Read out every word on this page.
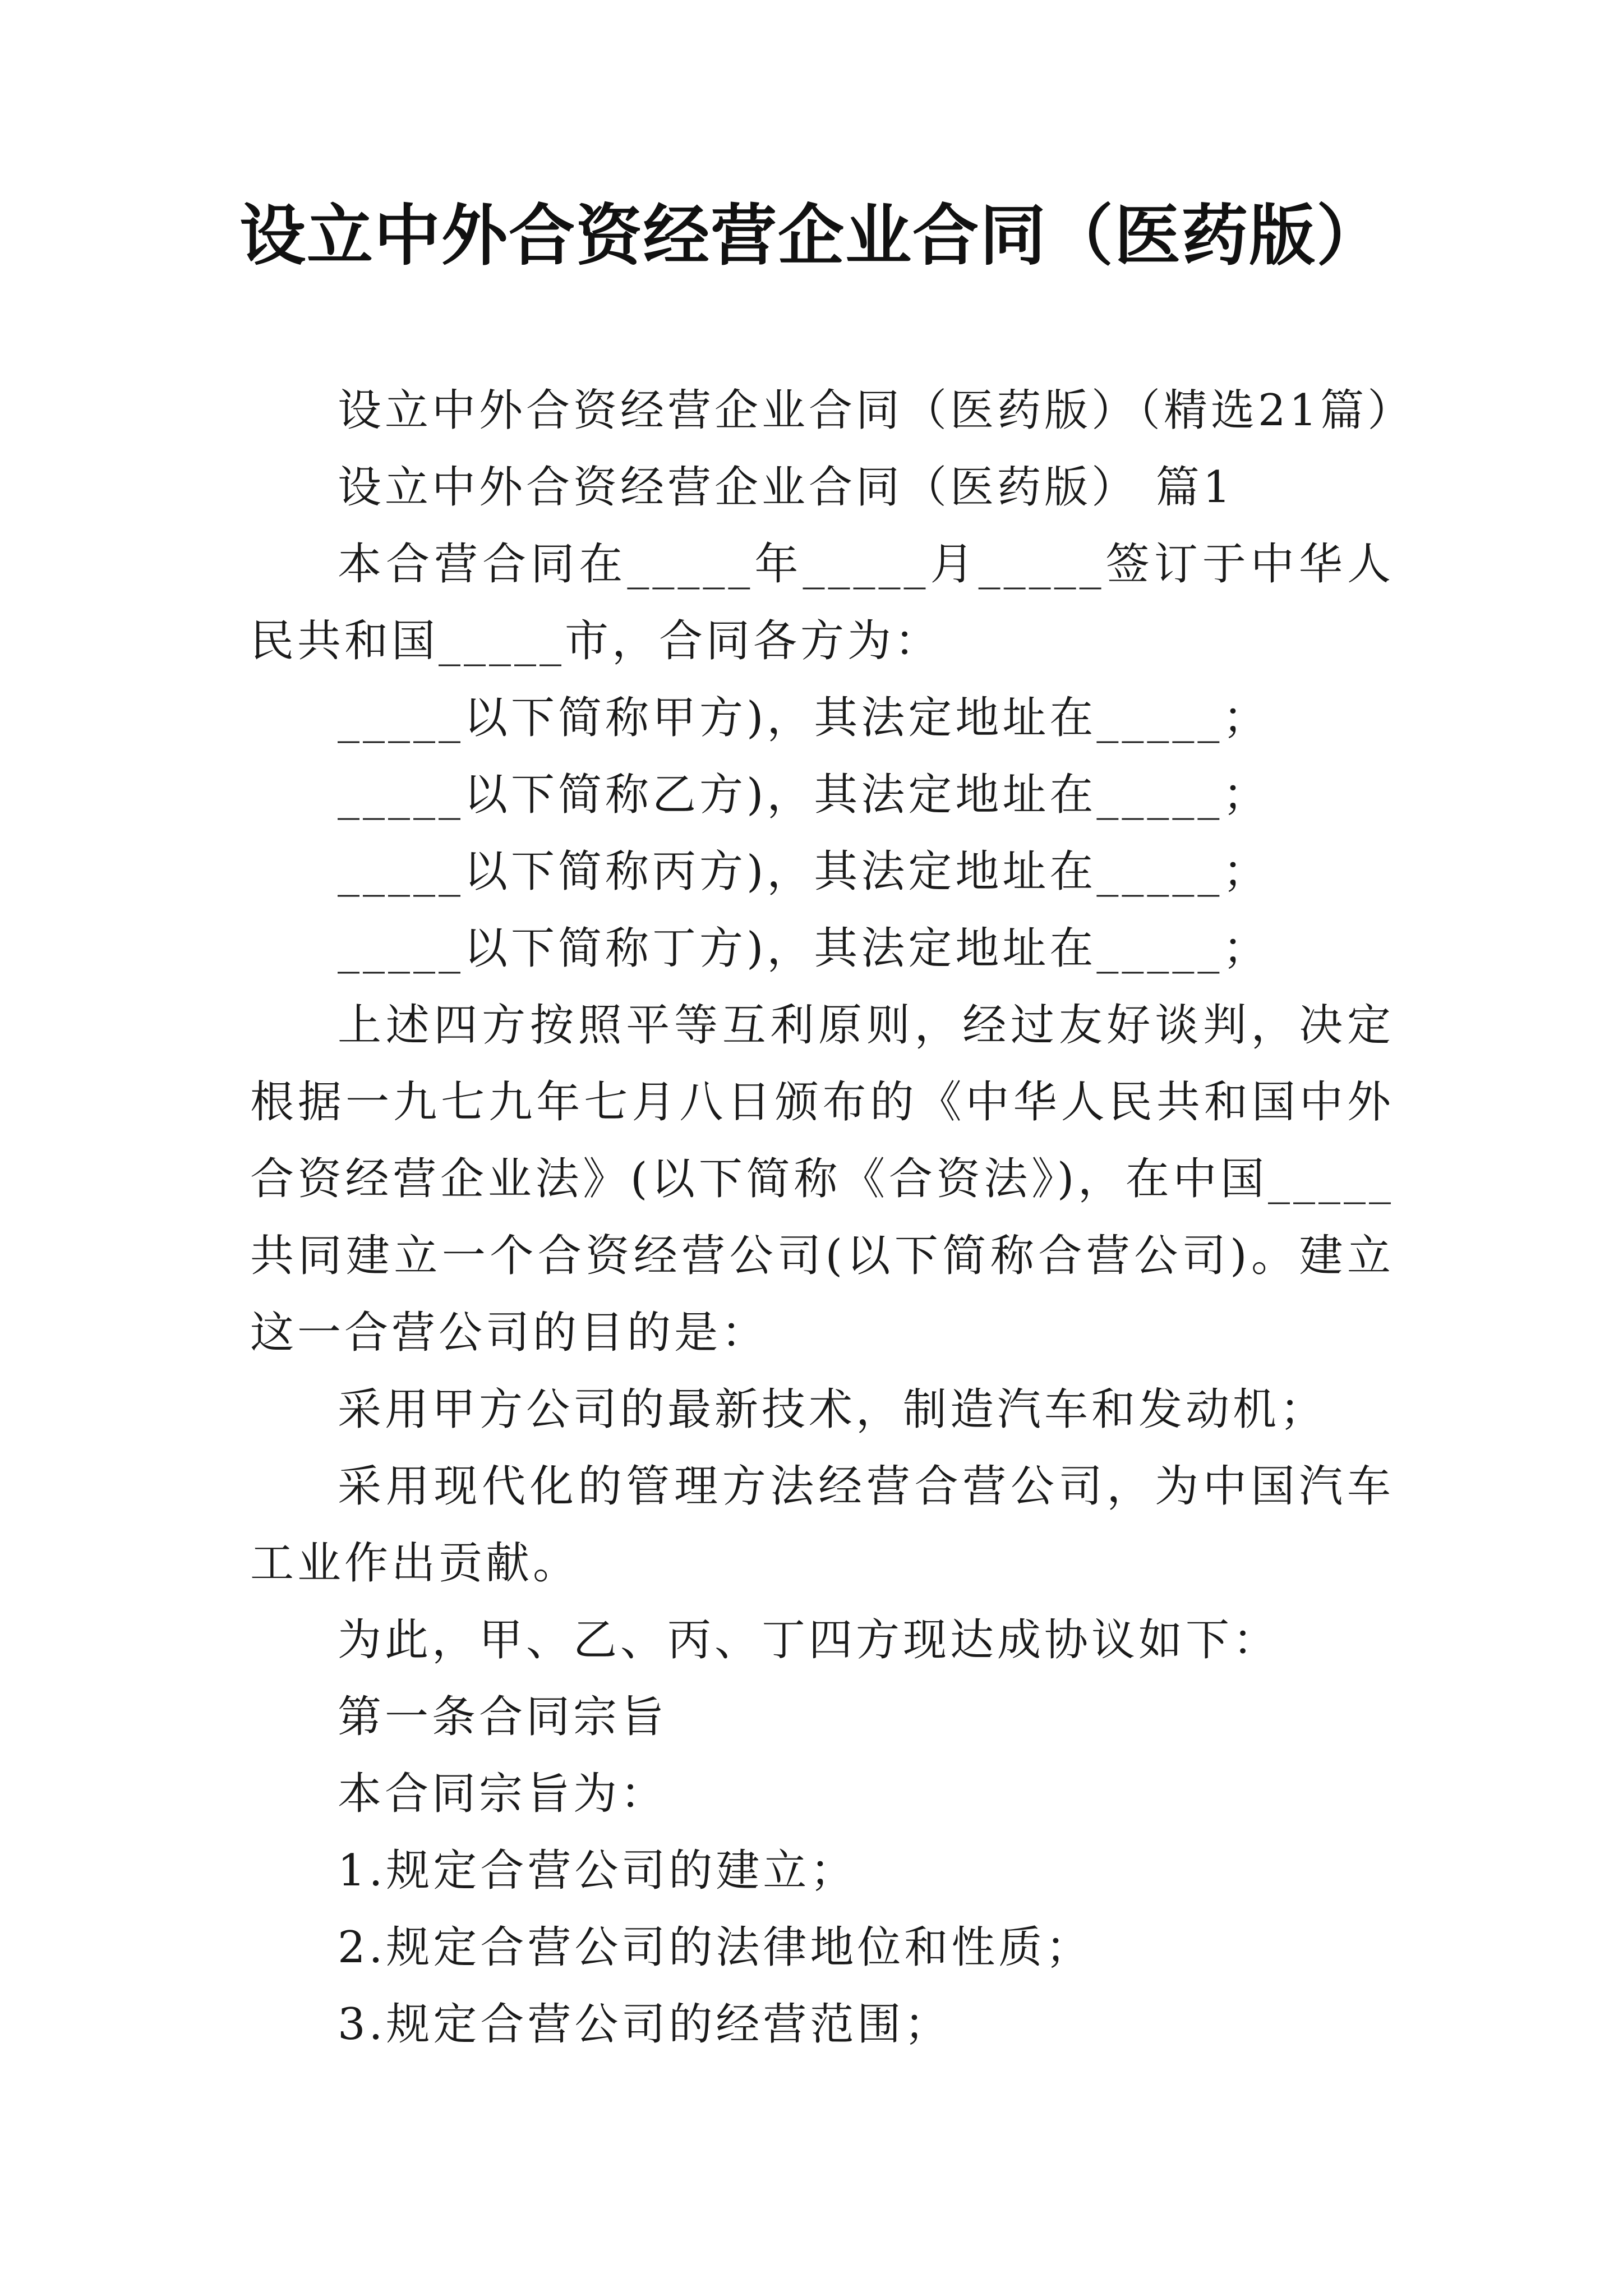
设立中外合资经营企业合同（医药版）

设立中外合资经营企业合同（医药版）（精选21篇）

设立中外合资经营企业合同（医药版） 篇1

本合营合同在_____年_____月_____签订于中华人民共和国_____市，合同各方为：

_____以下简称甲方)，其法定地址在_____；

_____以下简称乙方)，其法定地址在_____；

_____以下简称丙方)，其法定地址在_____；

_____以下简称丁方)，其法定地址在_____；

上述四方按照平等互利原则，经过友好谈判，决定根据一九七九年七月八日颁布的《中华人民共和国中外合资经营企业法》(以下简称《合资法》)，在中国_____共同建立一个合资经营公司(以下简称合营公司)。建立这一合营公司的目的是：

采用甲方公司的最新技术，制造汽车和发动机；

采用现代化的管理方法经营合营公司，为中国汽车工业作出贡献。

为此，甲、乙、丙、丁四方现达成协议如下：

第一条合同宗旨

本合同宗旨为：

1.规定合营公司的建立；

2.规定合营公司的法律地位和性质；

3.规定合营公司的经营范围；
